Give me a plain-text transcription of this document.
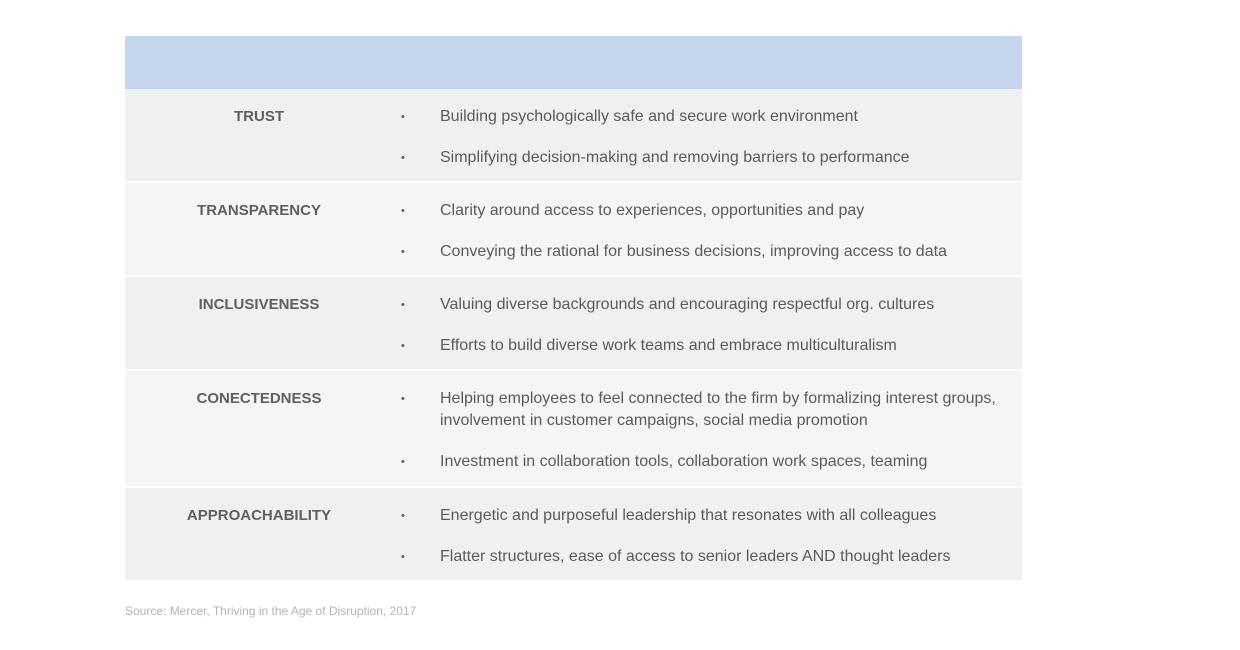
TRUST	• Building psychologically safe and secure work environment
• Simplifying decision-making and removing barriers to performance
TRANSPARENCY	• Clarity around access to experiences, opportunities and pay
• Conveying the rational for business decisions, improving access to data
INCLUSIVENESS	• Valuing diverse backgrounds and encouraging respectful org. cultures
• Efforts to build diverse work teams and embrace multiculturalism
CONECTEDNESS	• Helping employees to feel connected to the firm by formalizing interest groups, involvement in customer campaigns, social media promotion
• Investment in collaboration tools, collaboration work spaces, teaming
APPROACHABILITY	• Energetic and purposeful leadership that resonates with all colleagues
• Flatter structures, ease of access to senior leaders AND thought leaders
Source: Mercer, Thriving in the Age of Disruption, 2017
